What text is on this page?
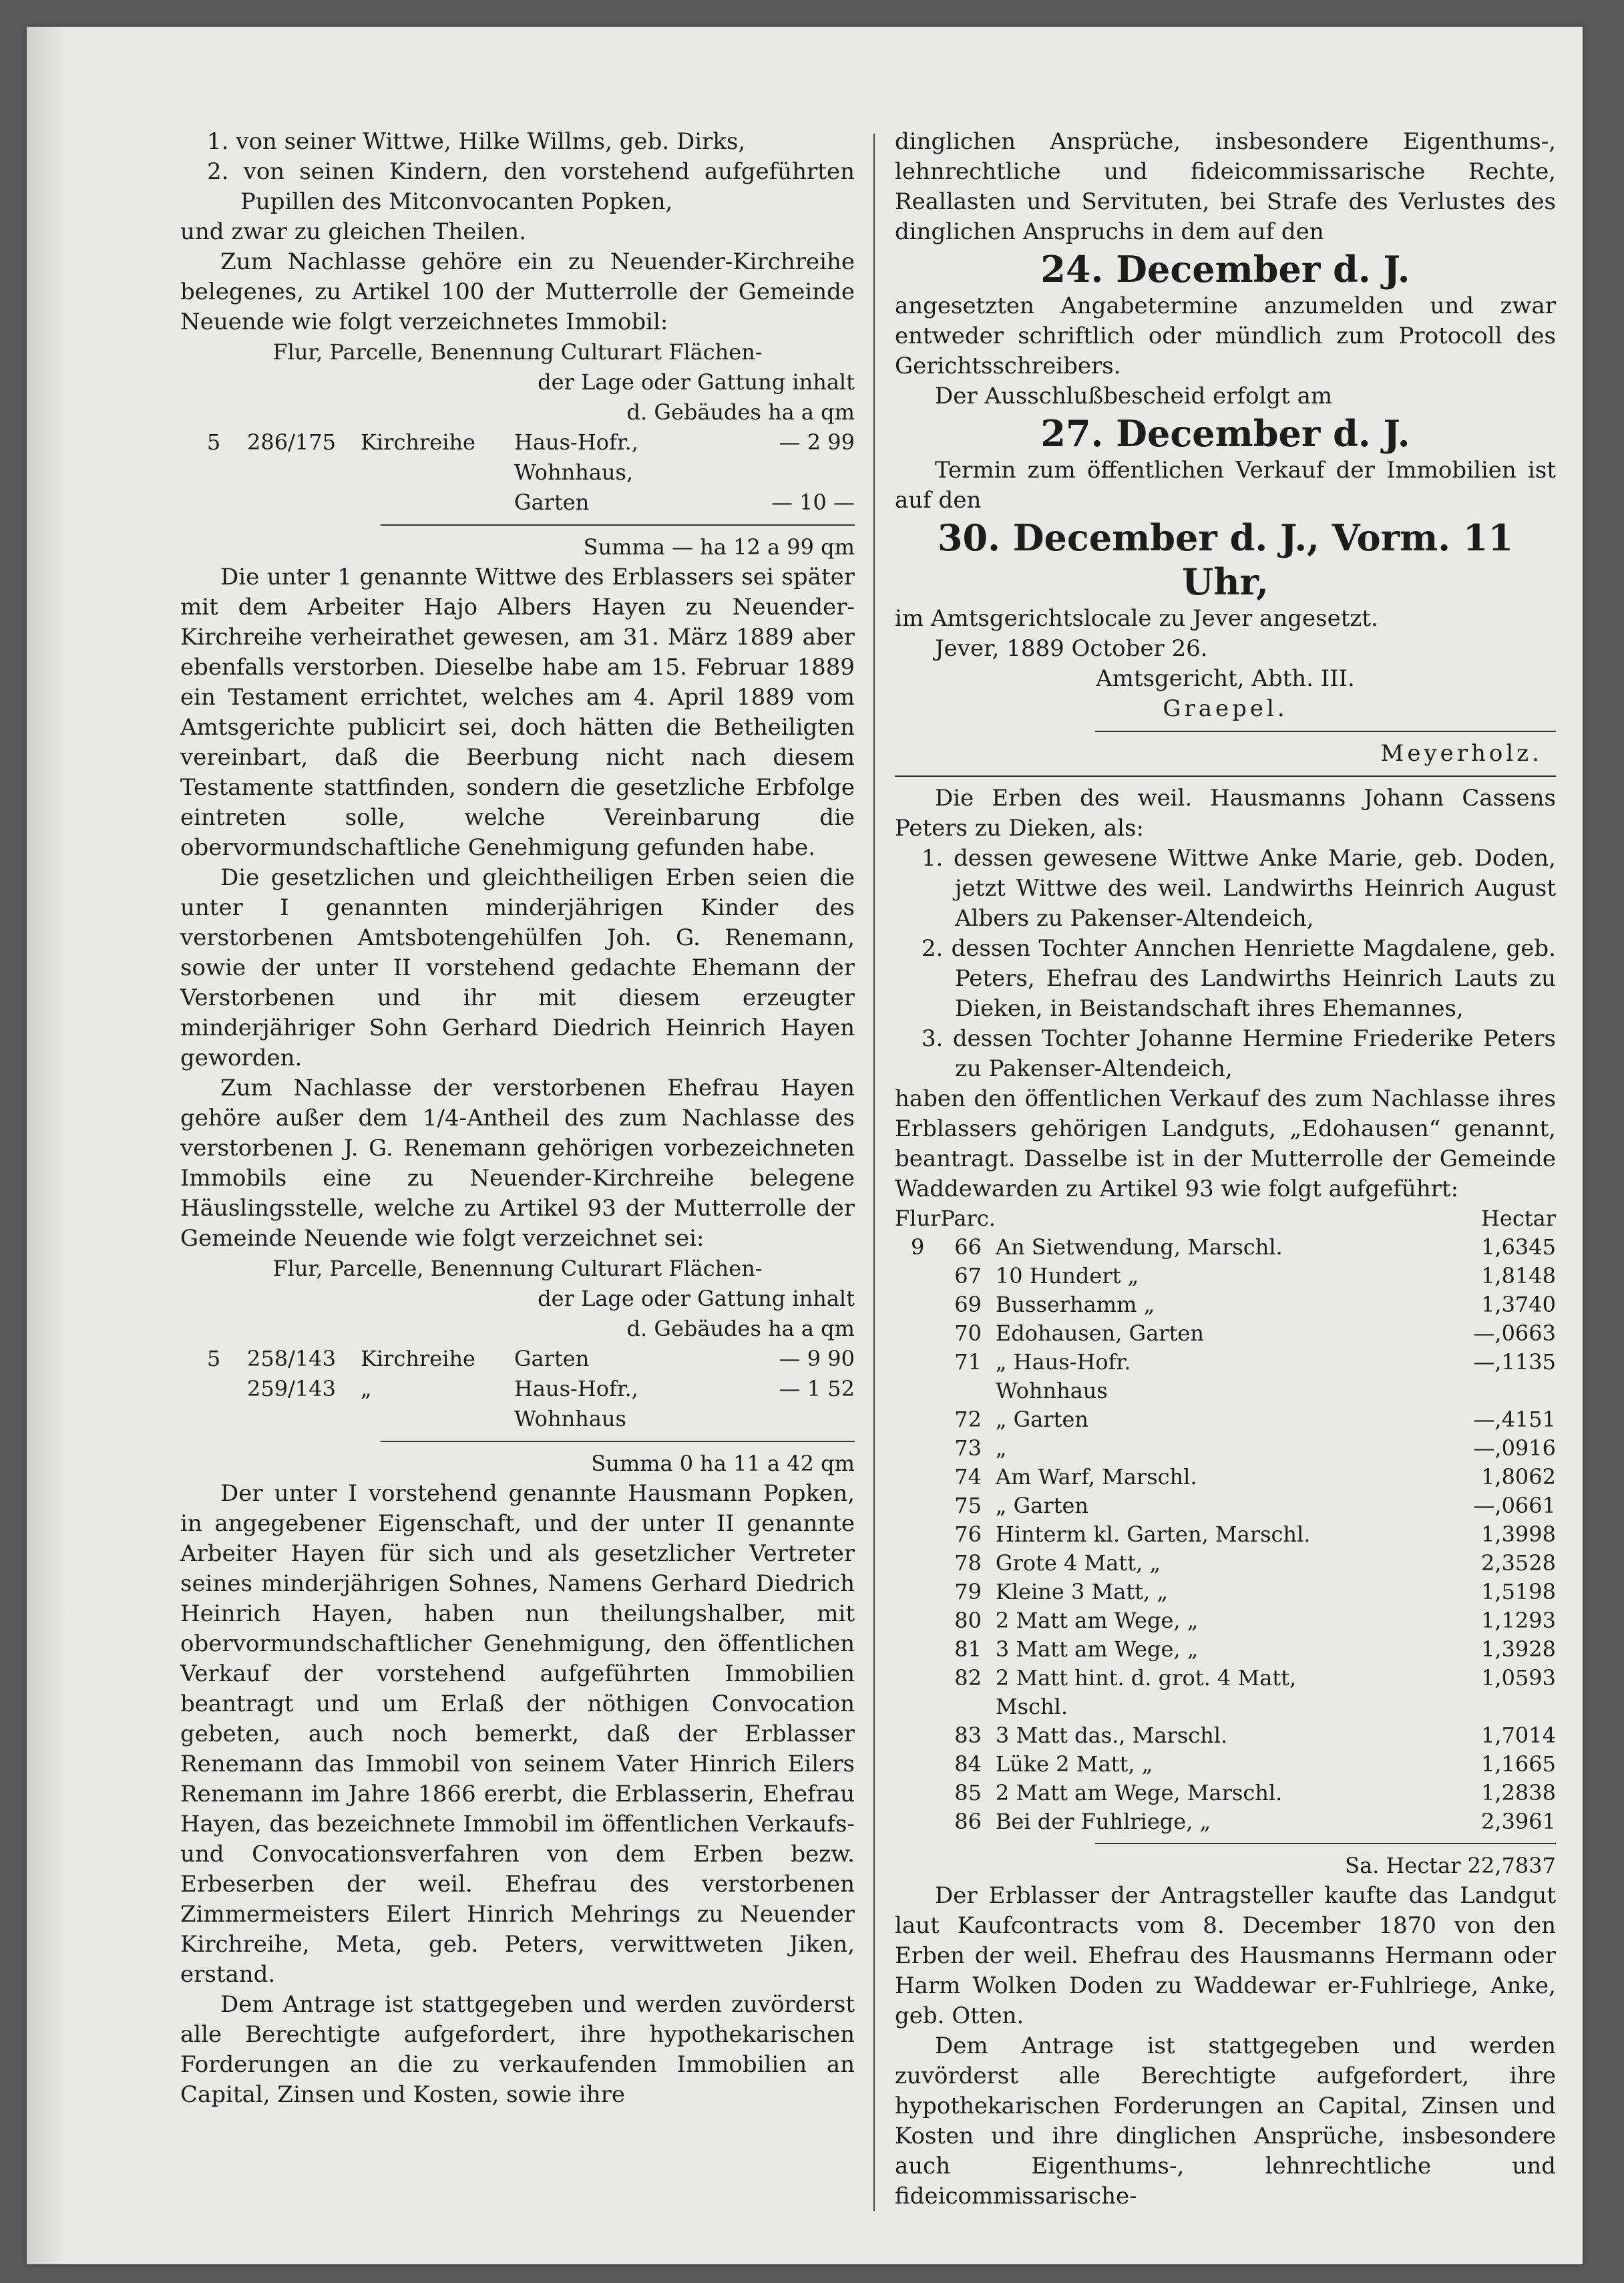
1. von seiner Wittwe, Hilke Willms, geb. Dirks,

2. von seinen Kindern, den vorstehend aufgeführten Pupillen des Mitconvocanten Popken,

und zwar zu gleichen Theilen.

Zum Nachlasse gehöre ein zu Neuender-Kirchreihe belegenes, zu Artikel 100 der Mutterrolle der Gemeinde Neuende wie folgt verzeichnetes Immobil:

Flur, Parcelle, Benennung Culturart Flächen-

der Lage oder Gattung inhalt

d. Gebäudes ha a qm

5	286/175	Kirchreihe	Haus-Hofr.,	— 2 99
Wohnhaus,
Garten	— 10 —

Summa — ha 12 a 99 qm

Die unter 1 genannte Wittwe des Erblassers sei später mit dem Arbeiter Hajo Albers Hayen zu Neuender-Kirchreihe verheirathet gewesen, am 31. März 1889 aber ebenfalls verstorben. Dieselbe habe am 15. Februar 1889 ein Testament errichtet, welches am 4. April 1889 vom Amtsgerichte publicirt sei, doch hätten die Betheiligten vereinbart, daß die Beerbung nicht nach diesem Testamente stattfinden, sondern die gesetzliche Erbfolge eintreten solle, welche Vereinbarung die obervormundschaftliche Genehmigung gefunden habe.

Die gesetzlichen und gleichtheiligen Erben seien die unter I genannten minderjährigen Kinder des verstorbenen Amtsbotengehülfen Joh. G. Renemann, sowie der unter II vorstehend gedachte Ehemann der Verstorbenen und ihr mit diesem erzeugter minderjähriger Sohn Gerhard Diedrich Heinrich Hayen geworden.

Zum Nachlasse der verstorbenen Ehefrau Hayen gehöre außer dem 1/4-Antheil des zum Nachlasse des verstorbenen J. G. Renemann gehörigen vorbezeichneten Immobils eine zu Neuender-Kirchreihe belegene Häuslingsstelle, welche zu Artikel 93 der Mutterrolle der Gemeinde Neuende wie folgt verzeichnet sei:

Flur, Parcelle, Benennung Culturart Flächen-

der Lage oder Gattung inhalt

d. Gebäudes ha a qm

5	258/143	Kirchreihe	Garten	— 9 90
259/143	„	Haus-Hofr.,	— 1 52
Wohnhaus

Summa 0 ha 11 a 42 qm

Der unter I vorstehend genannte Hausmann Popken, in angegebener Eigenschaft, und der unter II genannte Arbeiter Hayen für sich und als gesetzlicher Vertreter seines minderjährigen Sohnes, Namens Gerhard Diedrich Heinrich Hayen, haben nun theilungshalber, mit obervormundschaftlicher Genehmigung, den öffentlichen Verkauf der vorstehend aufgeführten Immobilien beantragt und um Erlaß der nöthigen Convocation gebeten, auch noch bemerkt, daß der Erblasser Renemann das Immobil von seinem Vater Hinrich Eilers Renemann im Jahre 1866 ererbt, die Erblasserin, Ehefrau Hayen, das bezeichnete Immobil im öffentlichen Verkaufs- und Convocationsverfahren von dem Erben bezw. Erbeserben der weil. Ehefrau des verstorbenen Zimmermeisters Eilert Hinrich Mehrings zu Neuender Kirchreihe, Meta, geb. Peters, verwittweten Jiken, erstand.

Dem Antrage ist stattgegeben und werden zuvörderst alle Berechtigte aufgefordert, ihre hypothekarischen Forderungen an die zu verkaufenden Immobilien an Capital, Zinsen und Kosten, sowie ihre

dinglichen Ansprüche, insbesondere Eigenthums-, lehnrechtliche und fideicommissarische Rechte, Reallasten und Servituten, bei Strafe des Verlustes des dinglichen Anspruchs in dem auf den

24. December d. J.

angesetzten Angabetermine anzumelden und zwar entweder schriftlich oder mündlich zum Protocoll des Gerichtsschreibers.

Der Ausschlußbescheid erfolgt am

27. December d. J.

Termin zum öffentlichen Verkauf der Immobilien ist auf den

30. December d. J., Vorm. 11 Uhr,

im Amtsgerichtslocale zu Jever angesetzt.

Jever, 1889 October 26.

Amtsgericht, Abth. III.

Graepel.

Meyerholz.

Die Erben des weil. Hausmanns Johann Cassens Peters zu Dieken, als:

1. dessen gewesene Wittwe Anke Marie, geb. Doden, jetzt Wittwe des weil. Landwirths Heinrich August Albers zu Pakenser-Altendeich,

2. dessen Tochter Annchen Henriette Magdalene, geb. Peters, Ehefrau des Landwirths Heinrich Lauts zu Dieken, in Beistandschaft ihres Ehemannes,

3. dessen Tochter Johanne Hermine Friederike Peters zu Pakenser-Altendeich,

haben den öffentlichen Verkauf des zum Nachlasse ihres Erblassers gehörigen Landguts, „Edohausen“ genannt, beantragt. Dasselbe ist in der Mutterrolle der Gemeinde Waddewarden zu Artikel 93 wie folgt aufgeführt:

Flur	Parc.		Hectar
9	66	An Sietwendung, Marschl.	1,6345
	67	10 Hundert „	1,8148
	69	Busserhamm „	1,3740
	70	Edohausen, Garten	—,0663
	71	„ Haus-Hofr.	—,1135
		Wohnhaus	
	72	„ Garten	—,4151
	73	„	—,0916
	74	Am Warf, Marschl.	1,8062
	75	„ Garten	—,0661
	76	Hinterm kl. Garten, Marschl.	1,3998
	78	Grote 4 Matt, „	2,3528
	79	Kleine 3 Matt, „	1,5198
	80	2 Matt am Wege, „	1,1293
	81	3 Matt am Wege, „	1,3928
	82	2 Matt hint. d. grot. 4 Matt, Mschl.	1,0593
	83	3 Matt das., Marschl.	1,7014
	84	Lüke 2 Matt, „	1,1665
	85	2 Matt am Wege, Marschl.	1,2838
	86	Bei der Fuhlriege, „	2,3961

Sa. Hectar 22,7837

Der Erblasser der Antragsteller kaufte das Landgut laut Kaufcontracts vom 8. December 1870 von den Erben der weil. Ehefrau des Hausmanns Hermann oder Harm Wolken Doden zu Waddewar er-Fuhlriege, Anke, geb. Otten.

Dem Antrage ist stattgegeben und werden zuvörderst alle Berechtigte aufgefordert, ihre hypothekarischen Forderungen an Capital, Zinsen und Kosten und ihre dinglichen Ansprüche, insbesondere auch Eigenthums-, lehnrechtliche und fideicommissarische-
